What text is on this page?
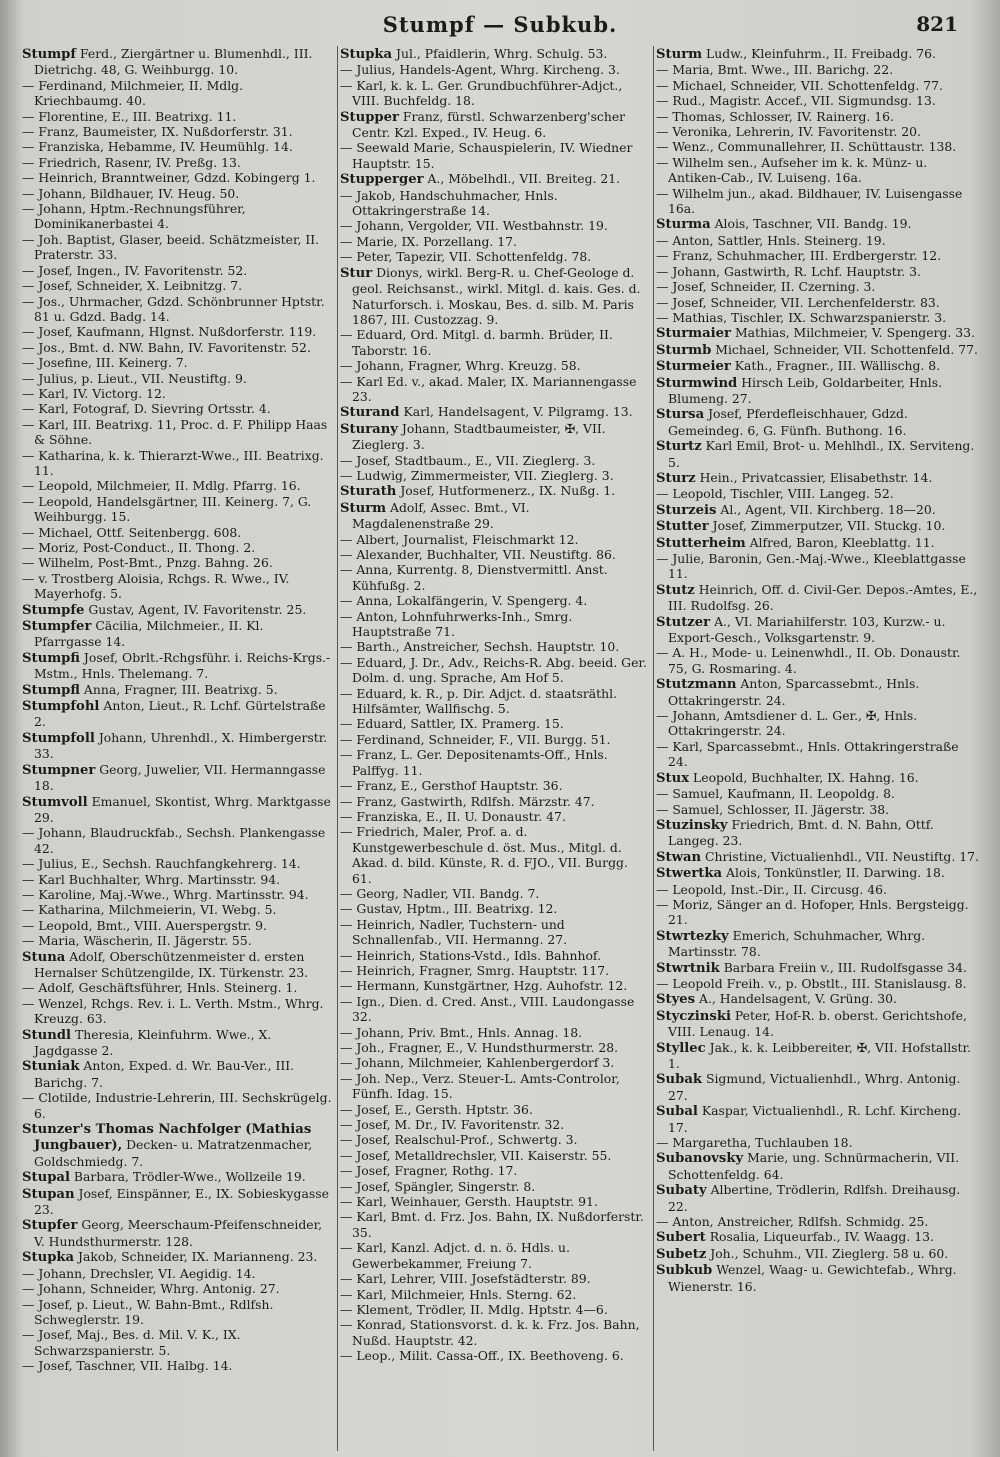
Stumpf — Subkub.	821

Stumpf Ferd., Ziergärtner u. Blumenhdl., III. Dietrichg. 48, G. Weihburgg. 10.

— Ferdinand, Milchmeier, II. Mdlg. Kriechbaumg. 40.

— Florentine, E., III. Beatrixg. 11.

— Franz, Baumeister, IX. Nußdorferstr. 31.

— Franziska, Hebamme, IV. Heumühlg. 14.

— Friedrich, Rasenr, IV. Preßg. 13.

— Heinrich, Branntweiner, Gdzd. Kobingerg 1.

— Johann, Bildhauer, IV. Heug. 50.

— Johann, Hptm.-Rechnungsführer, Dominikanerbastei 4.

— Joh. Baptist, Glaser, beeid. Schätzmeister, II. Praterstr. 33.

— Josef, Ingen., IV. Favoritenstr. 52.

— Josef, Schneider, X. Leibnitzg. 7.

— Jos., Uhrmacher, Gdzd. Schönbrunner Hptstr. 81 u. Gdzd. Badg. 14.

— Josef, Kaufmann, Hlgnst. Nußdorferstr. 119.

— Jos., Bmt. d. NW. Bahn, IV. Favoritenstr. 52.

— Josefine, III. Keinerg. 7.

— Julius, p. Lieut., VII. Neustiftg. 9.

— Karl, IV. Victorg. 12.

— Karl, Fotograf, D. Sievring Ortsstr. 4.

— Karl, III. Beatrixg. 11, Proc. d. F. Philipp Haas & Söhne.

— Katharina, k. k. Thierarzt-Wwe., III. Beatrixg. 11.

— Leopold, Milchmeier, II. Mdlg. Pfarrg. 16.

— Leopold, Handelsgärtner, III. Keinerg. 7, G. Weihburgg. 15.

— Michael, Ottf. Seitenbergg. 608.

— Moriz, Post-Conduct., II. Thong. 2.

— Wilhelm, Post-Bmt., Pnzg. Bahng. 26.

— v. Trostberg Aloisia, Rchgs. R. Wwe., IV. Mayerhofg. 5.

Stumpfe Gustav, Agent, IV. Favoritenstr. 25.

Stumpfer Cäcilia, Milchmeier., II. Kl. Pfarrgasse 14.

Stumpfi Josef, Obrlt.-Rchgsführ. i. Reichs-Krgs.-Mstm., Hnls. Thelemang. 7.

Stumpfl Anna, Fragner, III. Beatrixg. 5.

Stumpfohl Anton, Lieut., R. Lchf. Gürtelstraße 2.

Stumpfoll Johann, Uhrenhdl., X. Himbergerstr. 33.

Stumpner Georg, Juwelier, VII. Hermanngasse 18.

Stumvoll Emanuel, Skontist, Whrg. Marktgasse 29.

— Johann, Blaudruckfab., Sechsh. Plankengasse 42.

— Julius, E., Sechsh. Rauchfangkehrerg. 14.

— Karl Buchhalter, Whrg. Martinsstr. 94.

— Karoline, Maj.-Wwe., Whrg. Martinsstr. 94.

— Katharina, Milchmeierin, VI. Webg. 5.

— Leopold, Bmt., VIII. Auerspergstr. 9.

— Maria, Wäscherin, II. Jägerstr. 55.

Stuna Adolf, Oberschützenmeister d. ersten Hernalser Schützengilde, IX. Türkenstr. 23.

— Adolf, Geschäftsführer, Hnls. Steinerg. 1.

— Wenzel, Rchgs. Rev. i. L. Verth. Mstm., Whrg. Kreuzg. 63.

Stundl Theresia, Kleinfuhrm. Wwe., X. Jagdgasse 2.

Stuniak Anton, Exped. d. Wr. Bau-Ver., III. Barichg. 7.

— Clotilde, Industrie-Lehrerin, III. Sechskrügelg. 6.

Stunzer's Thomas Nachfolger (Mathias Jungbauer), Decken- u. Matratzenmacher, Goldschmiedg. 7.

Stupal Barbara, Trödler-Wwe., Wollzeile 19.

Stupan Josef, Einspänner, E., IX. Sobieskygasse 23.

Stupfer Georg, Meerschaum-Pfeifenschneider, V. Hundsthurmerstr. 128.

Stupka Jakob, Schneider, IX. Marianneng. 23.

— Johann, Drechsler, VI. Aegidig. 14.

— Johann, Schneider, Whrg. Antonig. 27.

— Josef, p. Lieut., W. Bahn-Bmt., Rdlfsh. Schweglerstr. 19.

— Josef, Maj., Bes. d. Mil. V. K., IX. Schwarzspanierstr. 5.

— Josef, Taschner, VII. Halbg. 14.

Stupka Jul., Pfaidlerin, Whrg. Schulg. 53.

— Julius, Handels-Agent, Whrg. Kircheng. 3.

— Karl, k. k. L. Ger. Grundbuchführer-Adjct., VIII. Buchfeldg. 18.

Stupper Franz, fürstl. Schwarzenberg'scher Centr. Kzl. Exped., IV. Heug. 6.

— Seewald Marie, Schauspielerin, IV. Wiedner Hauptstr. 15.

Stupperger A., Möbelhdl., VII. Breiteg. 21.

— Jakob, Handschuhmacher, Hnls. Ottakringerstraße 14.

— Johann, Vergolder, VII. Westbahnstr. 19.

— Marie, IX. Porzellang. 17.

— Peter, Tapezir, VII. Schottenfeldg. 78.

Stur Dionys, wirkl. Berg-R. u. Chef-Geologe d. geol. Reichsanst., wirkl. Mitgl. d. kais. Ges. d. Naturforsch. i. Moskau, Bes. d. silb. M. Paris 1867, III. Custozzag. 9.

— Eduard, Ord. Mitgl. d. barmh. Brüder, II. Taborstr. 16.

— Johann, Fragner, Whrg. Kreuzg. 58.

— Karl Ed. v., akad. Maler, IX. Mariannengasse 23.

Sturand Karl, Handelsagent, V. Pilgramg. 13.

Sturany Johann, Stadtbaumeister, ✠, VII. Zieglerg. 3.

— Josef, Stadtbaum., E., VII. Zieglerg. 3.

— Ludwig, Zimmermeister, VII. Zieglerg. 3.

Sturath Josef, Hutformenerz., IX. Nußg. 1.

Sturm Adolf, Assec. Bmt., VI. Magdalenenstraße 29.

— Albert, Journalist, Fleischmarkt 12.

— Alexander, Buchhalter, VII. Neustiftg. 86.

— Anna, Kurrentg. 8, Dienstvermittl. Anst. Kühfußg. 2.

— Anna, Lokalfängerin, V. Spengerg. 4.

— Anton, Lohnfuhrwerks-Inh., Smrg. Hauptstraße 71.

— Barth., Anstreicher, Sechsh. Hauptstr. 10.

— Eduard, J. Dr., Adv., Reichs-R. Abg. beeid. Ger. Dolm. d. ung. Sprache, Am Hof 5.

— Eduard, k. R., p. Dir. Adjct. d. staatsräthl. Hilfsämter, Wallfischg. 5.

— Eduard, Sattler, IX. Pramerg. 15.

— Ferdinand, Schneider, F., VII. Burgg. 51.

— Franz, L. Ger. Depositenamts-Off., Hnls. Palffyg. 11.

— Franz, E., Gersthof Hauptstr. 36.

— Franz, Gastwirth, Rdlfsh. Märzstr. 47.

— Franziska, E., II. U. Donaustr. 47.

— Friedrich, Maler, Prof. a. d. Kunstgewerbeschule d. öst. Mus., Mitgl. d. Akad. d. bild. Künste, R. d. FJO., VII. Burgg. 61.

— Georg, Nadler, VII. Bandg. 7.

— Gustav, Hptm., III. Beatrixg. 12.

— Heinrich, Nadler, Tuchstern- und Schnallenfab., VII. Hermanng. 27.

— Heinrich, Stations-Vstd., Idls. Bahnhof.

— Heinrich, Fragner, Smrg. Hauptstr. 117.

— Hermann, Kunstgärtner, Hzg. Auhofstr. 12.

— Ign., Dien. d. Cred. Anst., VIII. Laudongasse 32.

— Johann, Priv. Bmt., Hnls. Annag. 18.

— Joh., Fragner, E., V. Hundsthurmerstr. 28.

— Johann, Milchmeier, Kahlenbergerdorf 3.

— Joh. Nep., Verz. Steuer-L. Amts-Controlor, Fünfh. Idag. 15.

— Josef, E., Gersth. Hptstr. 36.

— Josef, M. Dr., IV. Favoritenstr. 32.

— Josef, Realschul-Prof., Schwertg. 3.

— Josef, Metalldrechsler, VII. Kaiserstr. 55.

— Josef, Fragner, Rothg. 17.

— Josef, Spängler, Singerstr. 8.

— Karl, Weinhauer, Gersth. Hauptstr. 91.

— Karl, Bmt. d. Frz. Jos. Bahn, IX. Nußdorferstr. 35.

— Karl, Kanzl. Adjct. d. n. ö. Hdls. u. Gewerbekammer, Freiung 7.

— Karl, Lehrer, VIII. Josefstädterstr. 89.

— Karl, Milchmeier, Hnls. Sterng. 62.

— Klement, Trödler, II. Mdlg. Hptstr. 4—6.

— Konrad, Stationsvorst. d. k. k. Frz. Jos. Bahn, Nußd. Hauptstr. 42.

— Leop., Milit. Cassa-Off., IX. Beethoveng. 6.

Sturm Ludw., Kleinfuhrm., II. Freibadg. 76.

— Maria, Bmt. Wwe., III. Barichg. 22.

— Michael, Schneider, VII. Schottenfeldg. 77.

— Rud., Magistr. Accef., VII. Sigmundsg. 13.

— Thomas, Schlosser, IV. Rainerg. 16.

— Veronika, Lehrerin, IV. Favoritenstr. 20.

— Wenz., Communallehrer, II. Schüttaustr. 138.

— Wilhelm sen., Aufseher im k. k. Münz- u. Antiken-Cab., IV. Luiseng. 16a.

— Wilhelm jun., akad. Bildhauer, IV. Luisengasse 16a.

Sturma Alois, Taschner, VII. Bandg. 19.

— Anton, Sattler, Hnls. Steinerg. 19.

— Franz, Schuhmacher, III. Erdbergerstr. 12.

— Johann, Gastwirth, R. Lchf. Hauptstr. 3.

— Josef, Schneider, II. Czerning. 3.

— Josef, Schneider, VII. Lerchenfelderstr. 83.

— Mathias, Tischler, IX. Schwarzspanierstr. 3.

Sturmaier Mathias, Milchmeier, V. Spengerg. 33.

Sturmb Michael, Schneider, VII. Schottenfeld. 77.

Sturmeier Kath., Fragner., III. Wällischg. 8.

Sturmwind Hirsch Leib, Goldarbeiter, Hnls. Blumeng. 27.

Stursa Josef, Pferdefleischhauer, Gdzd. Gemeindeg. 6, G. Fünfh. Buthong. 16.

Sturtz Karl Emil, Brot- u. Mehlhdl., IX. Serviteng. 5.

Sturz Hein., Privatcassier, Elisabethstr. 14.

— Leopold, Tischler, VIII. Langeg. 52.

Sturzeis Al., Agent, VII. Kirchberg. 18—20.

Stutter Josef, Zimmerputzer, VII. Stuckg. 10.

Stutterheim Alfred, Baron, Kleeblattg. 11.

— Julie, Baronin, Gen.-Maj.-Wwe., Kleeblattgasse 11.

Stutz Heinrich, Off. d. Civil-Ger. Depos.-Amtes, E., III. Rudolfsg. 26.

Stutzer A., VI. Mariahilferstr. 103, Kurzw.- u. Export-Gesch., Volksgartenstr. 9.

— A. H., Mode- u. Leinenwhdl., II. Ob. Donaustr. 75, G. Rosmaring. 4.

Stutzmann Anton, Sparcassebmt., Hnls. Ottakringerstr. 24.

— Johann, Amtsdiener d. L. Ger., ✠, Hnls. Ottakringerstr. 24.

— Karl, Sparcassebmt., Hnls. Ottakringerstraße 24.

Stux Leopold, Buchhalter, IX. Hahng. 16.

— Samuel, Kaufmann, II. Leopoldg. 8.

— Samuel, Schlosser, II. Jägerstr. 38.

Stuzinsky Friedrich, Bmt. d. N. Bahn, Ottf. Langeg. 23.

Stwan Christine, Victualienhdl., VII. Neustiftg. 17.

Stwertka Alois, Tonkünstler, II. Darwing. 18.

— Leopold, Inst.-Dir., II. Circusg. 46.

— Moriz, Sänger an d. Hofoper, Hnls. Bergsteigg. 21.

Stwrtezky Emerich, Schuhmacher, Whrg. Martinsstr. 78.

Stwrtnik Barbara Freiin v., III. Rudolfsgasse 34.

— Leopold Freih. v., p. Obstlt., III. Stanislausg. 8.

Styes A., Handelsagent, V. Grüng. 30.

Styczinski Peter, Hof-R. b. oberst. Gerichtshofe, VIII. Lenaug. 14.

Styllec Jak., k. k. Leibbereiter, ✠, VII. Hofstallstr. 1.

Subak Sigmund, Victualienhdl., Whrg. Antonig. 27.

Subal Kaspar, Victualienhdl., R. Lchf. Kircheng. 17.

— Margaretha, Tuchlauben 18.

Subanovsky Marie, ung. Schnürmacherin, VII. Schottenfeldg. 64.

Subaty Albertine, Trödlerin, Rdlfsh. Dreihausg. 22.

— Anton, Anstreicher, Rdlfsh. Schmidg. 25.

Subert Rosalia, Liqueurfab., IV. Waagg. 13.

Subetz Joh., Schuhm., VII. Zieglerg. 58 u. 60.

Subkub Wenzel, Waag- u. Gewichtefab., Whrg. Wienerstr. 16.
